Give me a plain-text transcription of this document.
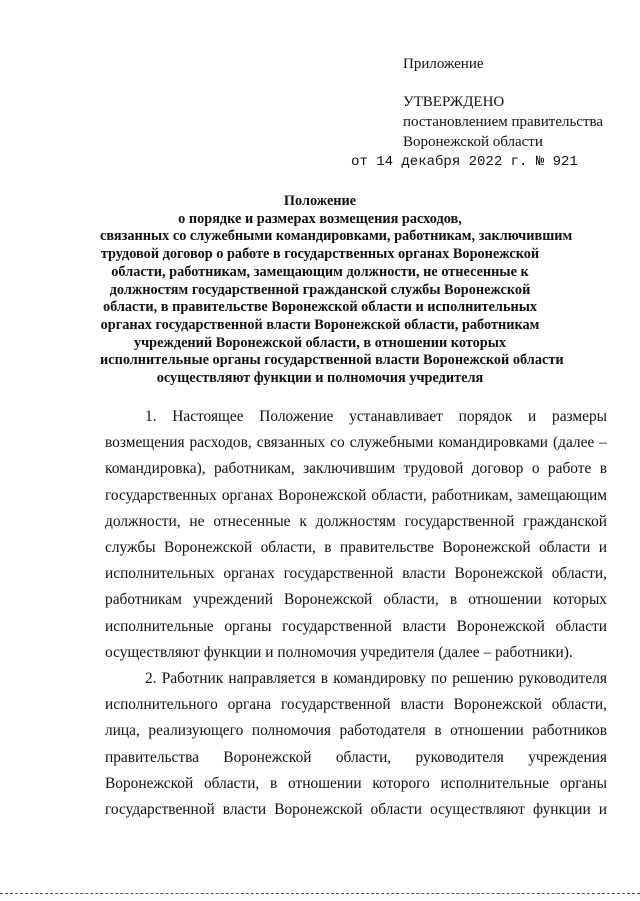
Приложение
УТВЕРЖДЕНО
постановлением правительства
Воронежской области
от 14 декабря 2022 г. № 921
Положение
о порядке и размерах возмещения расходов,
связанных со служебными командировками, работникам, заключившим
трудовой договор о работе в государственных органах Воронежской
области, работникам, замещающим должности, не отнесенные к
должностям государственной гражданской службы Воронежской
области, в правительстве Воронежской области и исполнительных
органах государственной власти Воронежской области, работникам
учреждений Воронежской области, в отношении которых
исполнительные органы государственной власти Воронежской области
осуществляют функции и полномочия учредителя
1. Настоящее Положение устанавливает порядок и размеры
возмещения расходов, связанных со служебными командировками (далее –
командировка), работникам, заключившим трудовой договор о работе в
государственных органах Воронежской области, работникам, замещающим
должности, не отнесенные к должностям государственной гражданской
службы Воронежской области, в правительстве Воронежской области и
исполнительных органах государственной власти Воронежской области,
работникам учреждений Воронежской области, в отношении которых
исполнительные органы государственной власти Воронежской области
осуществляют функции и полномочия учредителя (далее – работники).
2. Работник направляется в командировку по решению руководителя
исполнительного органа государственной власти Воронежской области,
лица, реализующего полномочия работодателя в отношении работников
правительства Воронежской области, руководителя учреждения
Воронежской области, в отношении которого исполнительные органы
государственной власти Воронежской области осуществляют функции и
